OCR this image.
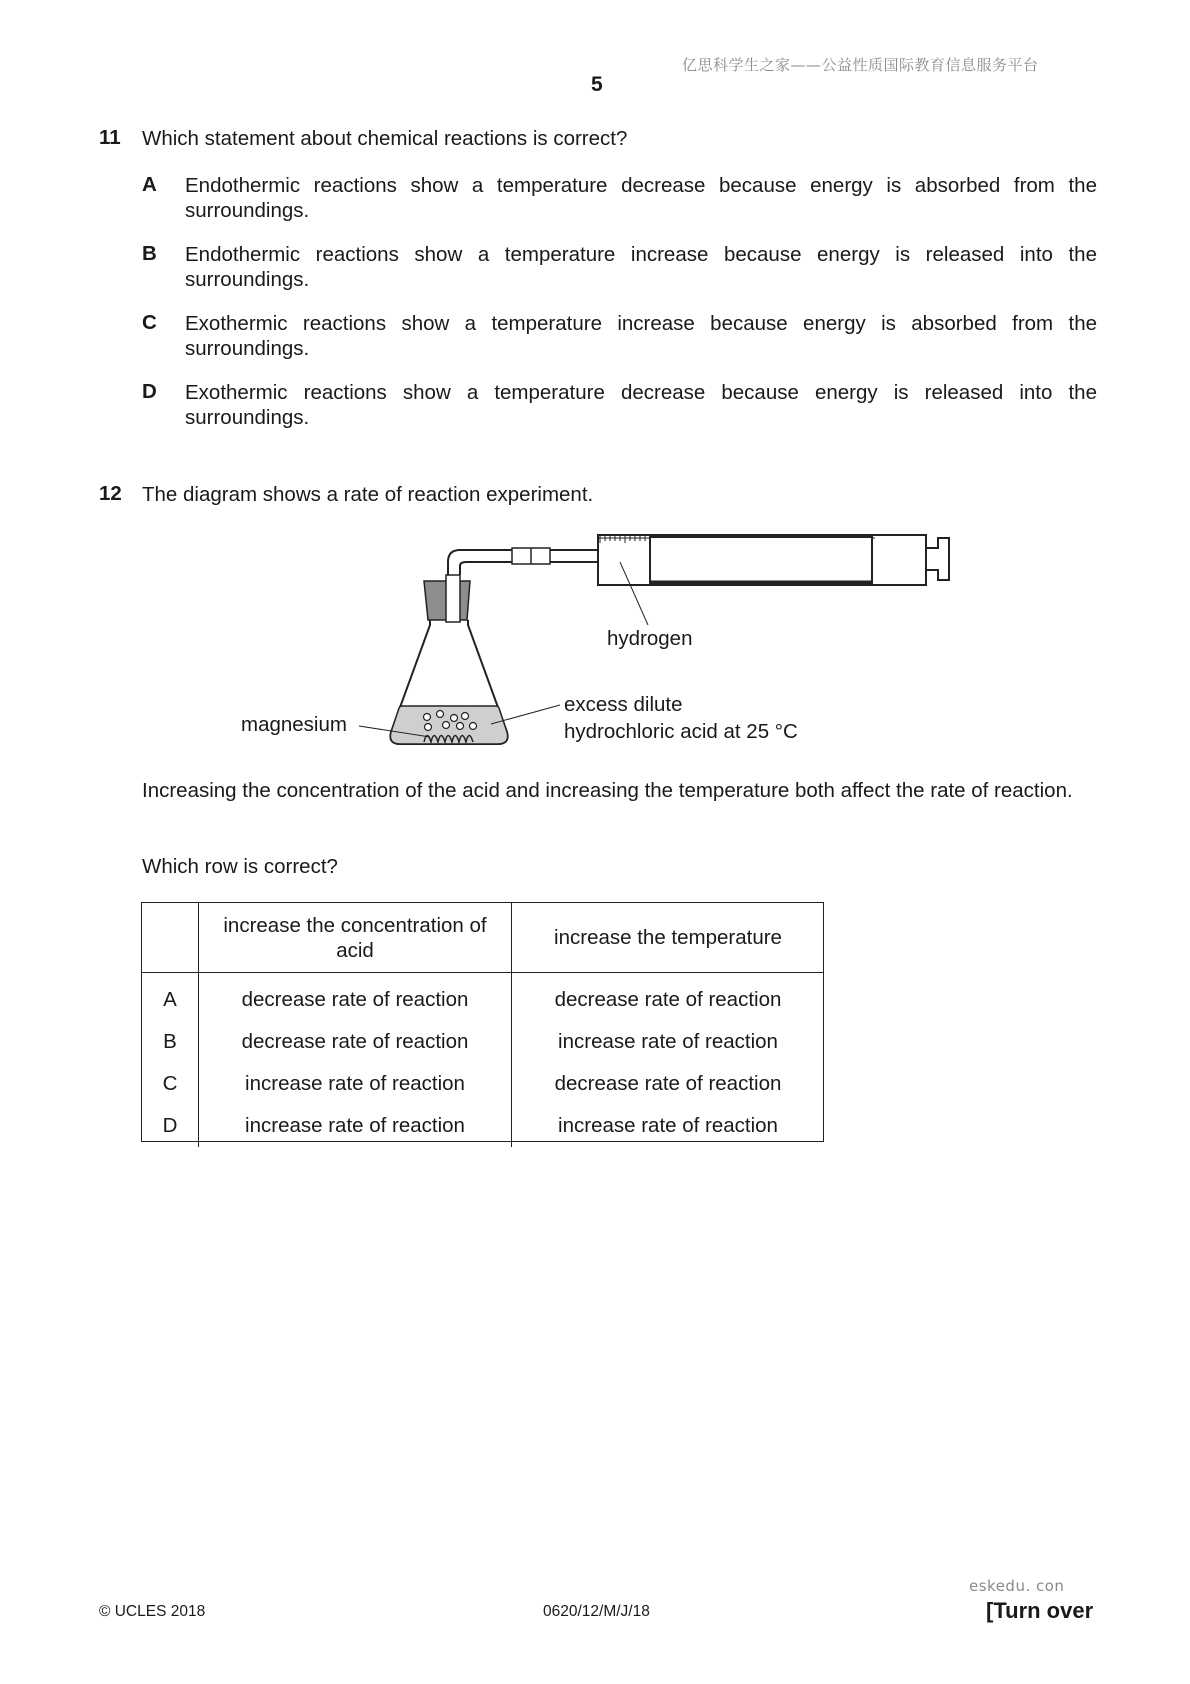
亿思科学生之家——公益性质国际教育信息服务平台
5
11 Which statement about chemical reactions is correct?
A Endothermic reactions show a temperature decrease because energy is absorbed from the surroundings.
B Endothermic reactions show a temperature increase because energy is released into the surroundings.
C Exothermic reactions show a temperature increase because energy is absorbed from the surroundings.
D Exothermic reactions show a temperature decrease because energy is released into the surroundings.
12 The diagram shows a rate of reaction experiment.
hydrogen
magnesium
excess dilute
hydrochloric acid at 25 °C
Increasing the concentration of the acid and increasing the temperature both affect the rate of reaction.
Which row is correct?

	increase the concentration of acid	increase the temperature
A	decrease rate of reaction	decrease rate of reaction
B	decrease rate of reaction	increase rate of reaction
C	increase rate of reaction	decrease rate of reaction
D	increase rate of reaction	increase rate of reaction
eskedu. con
© UCLES 2018	0620/12/M/J/18	[Turn over
